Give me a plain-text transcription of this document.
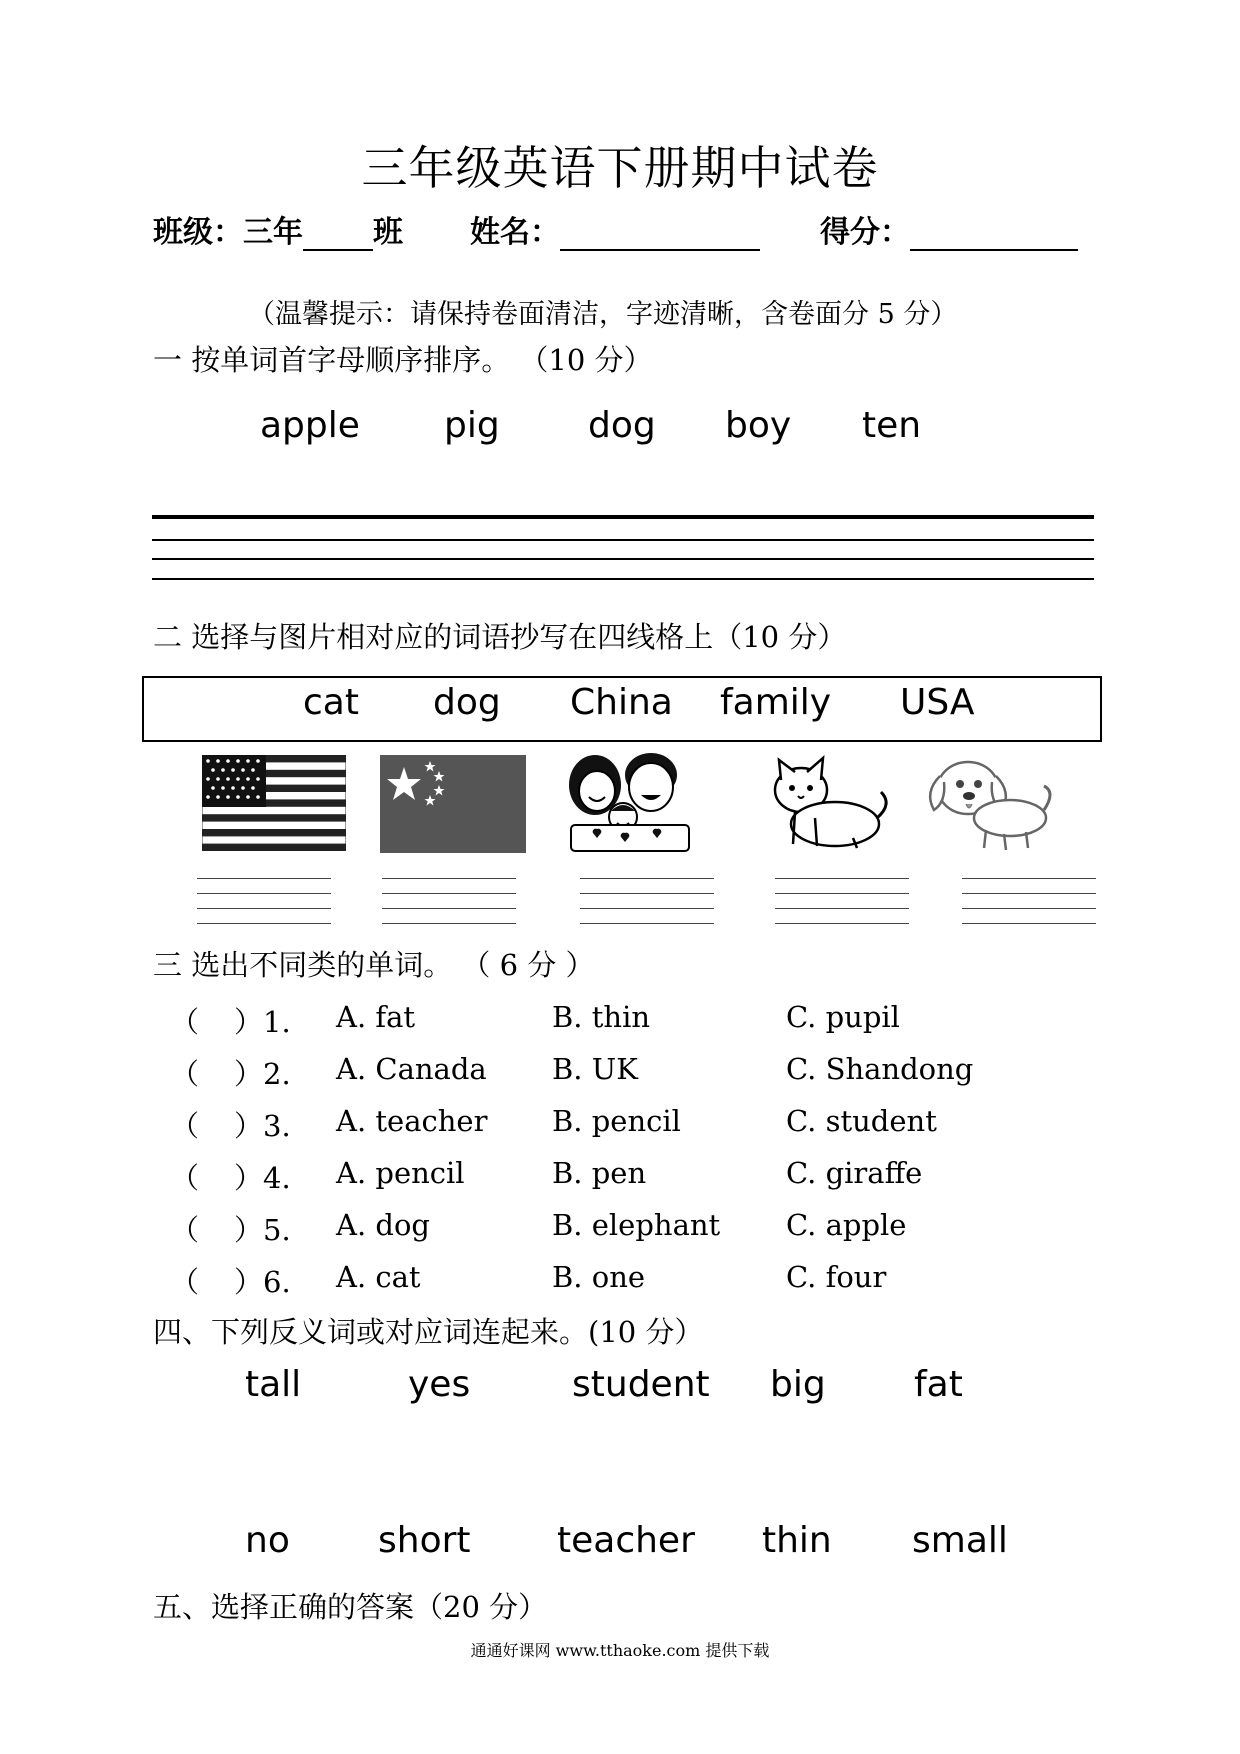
三年级英语下册期中试卷
班级：三年 班 姓名：	得分：
（温馨提示：请保持卷面清洁，字迹清晰，含卷面分 5 分）
一 按单词首字母顺序排序。 （10 分）
apple pig dog boy ten
二 选择与图片相对应的词语抄写在四线格上（10 分）
cat dog China family USA
三 选出不同类的单词。 （ 6 分 ）
（ ）1. A. fat	B. thin	C. pupil
（ ）2. A. Canada B. UK	C. Shandong
（ ）3. A. teacher B. pencil	C. student
（ ）4. A. pencil	B. pen	C. giraffe
（ ）5. A. dog	B. elephant C. apple
（ ）6. A. cat	B. one	C. four
四、下列反义词或对应词连起来。(10 分）
tall	yes	student big fat
no short teacher thin small
五、选择正确的答案（20 分）
通通好课网 www.tthaoke.com 提供下载
